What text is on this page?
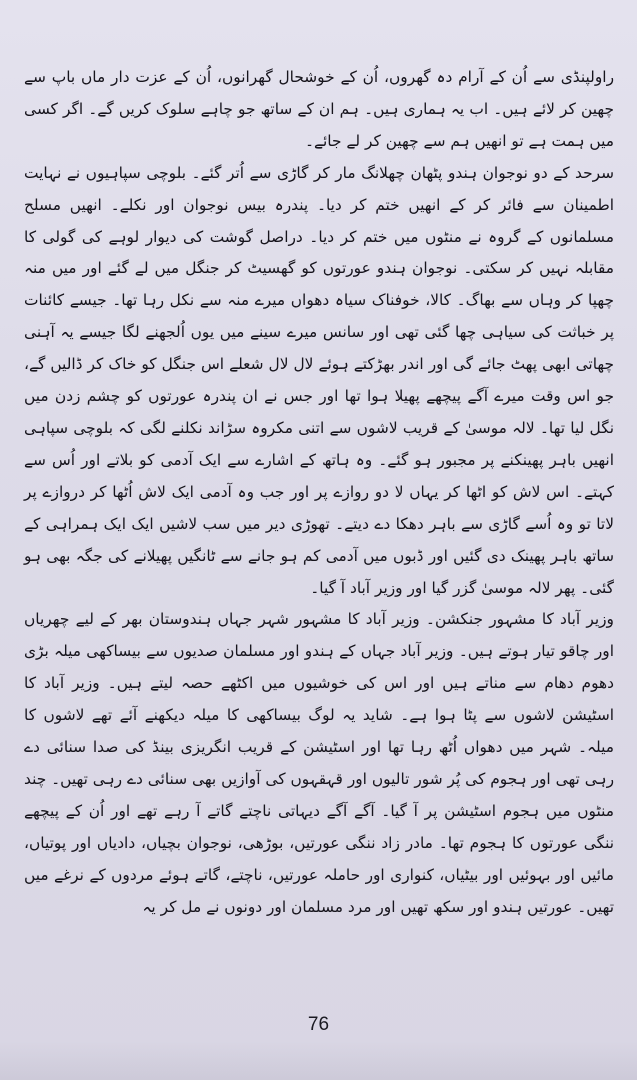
راولپنڈی سے اُن کے آرام دہ گھروں، اُن کے خوشحال گھرانوں، اُن کے عزت دار ماں باپ سے چھین کر لائے ہیں۔ اب یہ ہماری ہیں۔ ہم ان کے ساتھ جو چاہے سلوک کریں گے۔ اگر کسی میں ہمت ہے تو انھیں ہم سے چھین کر لے جائے۔

سرحد کے دو نوجوان ہندو پٹھان چھلانگ مار کر گاڑی سے اُتر گئے۔ بلوچی سپاہیوں نے نہایت اطمینان سے فائر کر کے انھیں ختم کر دیا۔ پندرہ بیس نوجوان اور نکلے۔ انھیں مسلح مسلمانوں کے گروہ نے منٹوں میں ختم کر دیا۔ دراصل گوشت کی دیوار لوہے کی گولی کا مقابلہ نہیں کر سکتی۔ نوجوان ہندو عورتوں کو گھسیٹ کر جنگل میں لے گئے اور میں منہ چھپا کر وہاں سے بھاگ۔ کالا، خوفناک سیاہ دھواں میرے منہ سے نکل رہا تھا۔ جیسے کائنات پر خباثت کی سیاہی چھا گئی تھی اور سانس میرے سینے میں یوں اُلجھنے لگا جیسے یہ آہنی چھاتی ابھی پھٹ جائے گی اور اندر بھڑکتے ہوئے لال لال شعلے اس جنگل کو خاک کر ڈالیں گے، جو اس وقت میرے آگے پیچھے پھیلا ہوا تھا اور جس نے ان پندرہ عورتوں کو چشم زدن میں نگل لیا تھا۔ لالہ موسیٰ کے قریب لاشوں سے اتنی مکروہ سڑاند نکلنے لگی کہ بلوچی سپاہی انھیں باہر پھینکنے پر مجبور ہو گئے۔ وہ ہاتھ کے اشارے سے ایک آدمی کو بلاتے اور اُس سے کہتے۔ اس لاش کو اٹھا کر یہاں لا دو روازے پر اور جب وہ آدمی ایک لاش اُٹھا کر دروازے پر لاتا تو وہ اُسے گاڑی سے باہر دھکا دے دیتے۔ تھوڑی دیر میں سب لاشیں ایک ایک ہمراہی کے ساتھ باہر پھینک دی گئیں اور ڈبوں میں آدمی کم ہو جانے سے ٹانگیں پھیلانے کی جگہ بھی ہو گئی۔ پھر لالہ موسیٰ گزر گیا اور وزیر آباد آ گیا۔

وزیر آباد کا مشہور جنکشن۔ وزیر آباد کا مشہور شہر جہاں ہندوستان بھر کے لیے چھریاں اور چاقو تیار ہوتے ہیں۔ وزیر آباد جہاں کے ہندو اور مسلمان صدیوں سے بیساکھی میلہ بڑی دھوم دھام سے مناتے ہیں اور اس کی خوشیوں میں اکٹھے حصہ لیتے ہیں۔ وزیر آباد کا اسٹیشن لاشوں سے پٹا ہوا ہے۔ شاید یہ لوگ بیساکھی کا میلہ دیکھنے آئے تھے لاشوں کا میلہ۔ شہر میں دھواں اُٹھ رہا تھا اور اسٹیشن کے قریب انگریزی بینڈ کی صدا سنائی دے رہی تھی اور ہجوم کی پُر شور تالیوں اور قہقہوں کی آوازیں بھی سنائی دے رہی تھیں۔ چند منٹوں میں ہجوم اسٹیشن پر آ گیا۔ آگے آگے دیہاتی ناچتے گاتے آ رہے تھے اور اُن کے پیچھے ننگی عورتوں کا ہجوم تھا۔ مادر زاد ننگی عورتیں، بوڑھی، نوجوان بچیاں، دادیاں اور پوتیاں، مائیں اور بہوئیں اور بیٹیاں، کنواری اور حاملہ عورتیں، ناچتے، گاتے ہوئے مردوں کے نرغے میں تھیں۔ عورتیں ہندو اور سکھ تھیں اور مرد مسلمان اور دونوں نے مل کر یہ

76
